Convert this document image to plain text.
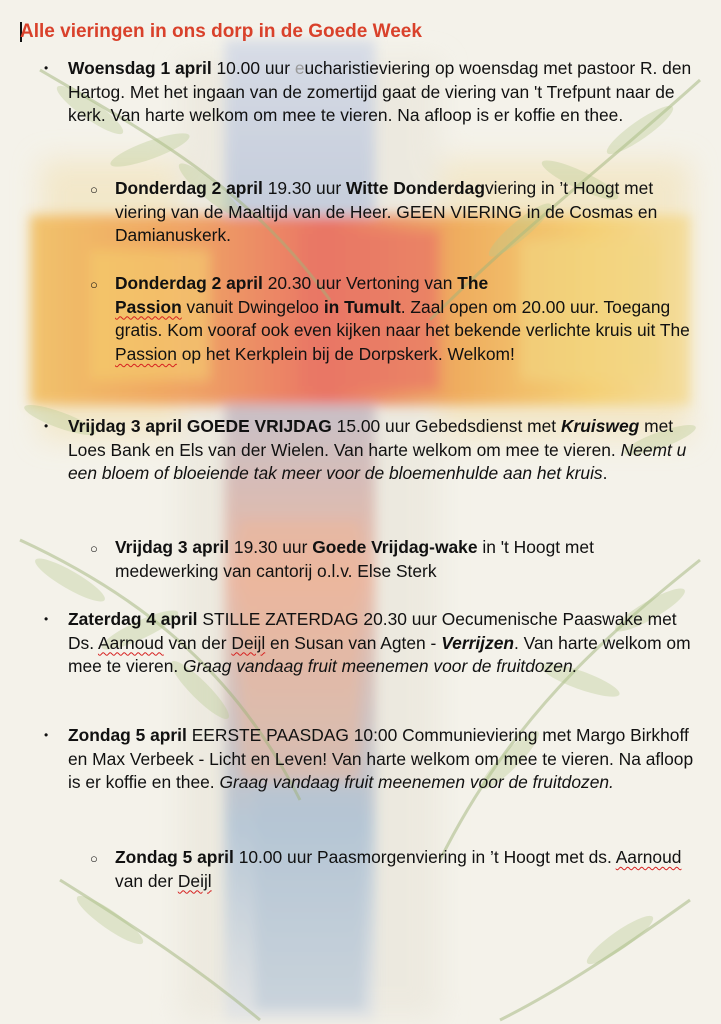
Alle vieringen in ons dorp in de Goede Week
• Woensdag 1 april 10.00 uur eucharistieviering op woensdag met pastoor R. den Hartog. Met het ingaan van de zomertijd gaat de viering van 't Trefpunt naar de kerk. Van harte welkom om mee te vieren. Na afloop is er koffie en thee.
○ Donderdag 2 april 19.30 uur Witte Donderdagviering in ’t Hoogt met viering van de Maaltijd van de Heer. GEEN VIERING in de Cosmas en Damianuskerk.
○ Donderdag 2 april 20.30 uur Vertoning van The
Passion vanuit Dwingeloo in Tumult. Zaal open om 20.00 uur. Toegang gratis. Kom vooraf ook even kijken naar het bekende verlichte kruis uit The Passion op het Kerkplein bij de Dorpskerk. Welkom!
• Vrijdag 3 april GOEDE VRIJDAG 15.00 uur Gebedsdienst met Kruisweg met Loes Bank en Els van der Wielen. Van harte welkom om mee te vieren. Neemt u een bloem of bloeiende tak meer voor de bloemenhulde aan het kruis.
○ Vrijdag 3 april 19.30 uur Goede Vrijdag-wake in 't Hoogt met medewerking van cantorij o.l.v. Else Sterk
• Zaterdag 4 april STILLE ZATERDAG 20.30 uur Oecumenische Paaswake met Ds. Aarnoud van der Deijl en Susan van Agten - Verrijzen. Van harte welkom om mee te vieren. Graag vandaag fruit meenemen voor de fruitdozen.
• Zondag 5 april EERSTE PAASDAG 10:00 Communieviering met Margo Birkhoff en Max Verbeek - Licht en Leven! Van harte welkom om mee te vieren. Na afloop is er koffie en thee. Graag vandaag fruit meenemen voor de fruitdozen.
○ Zondag 5 april 10.00 uur Paasmorgenviering in ’t Hoogt met ds. Aarnoud van der Deijl
